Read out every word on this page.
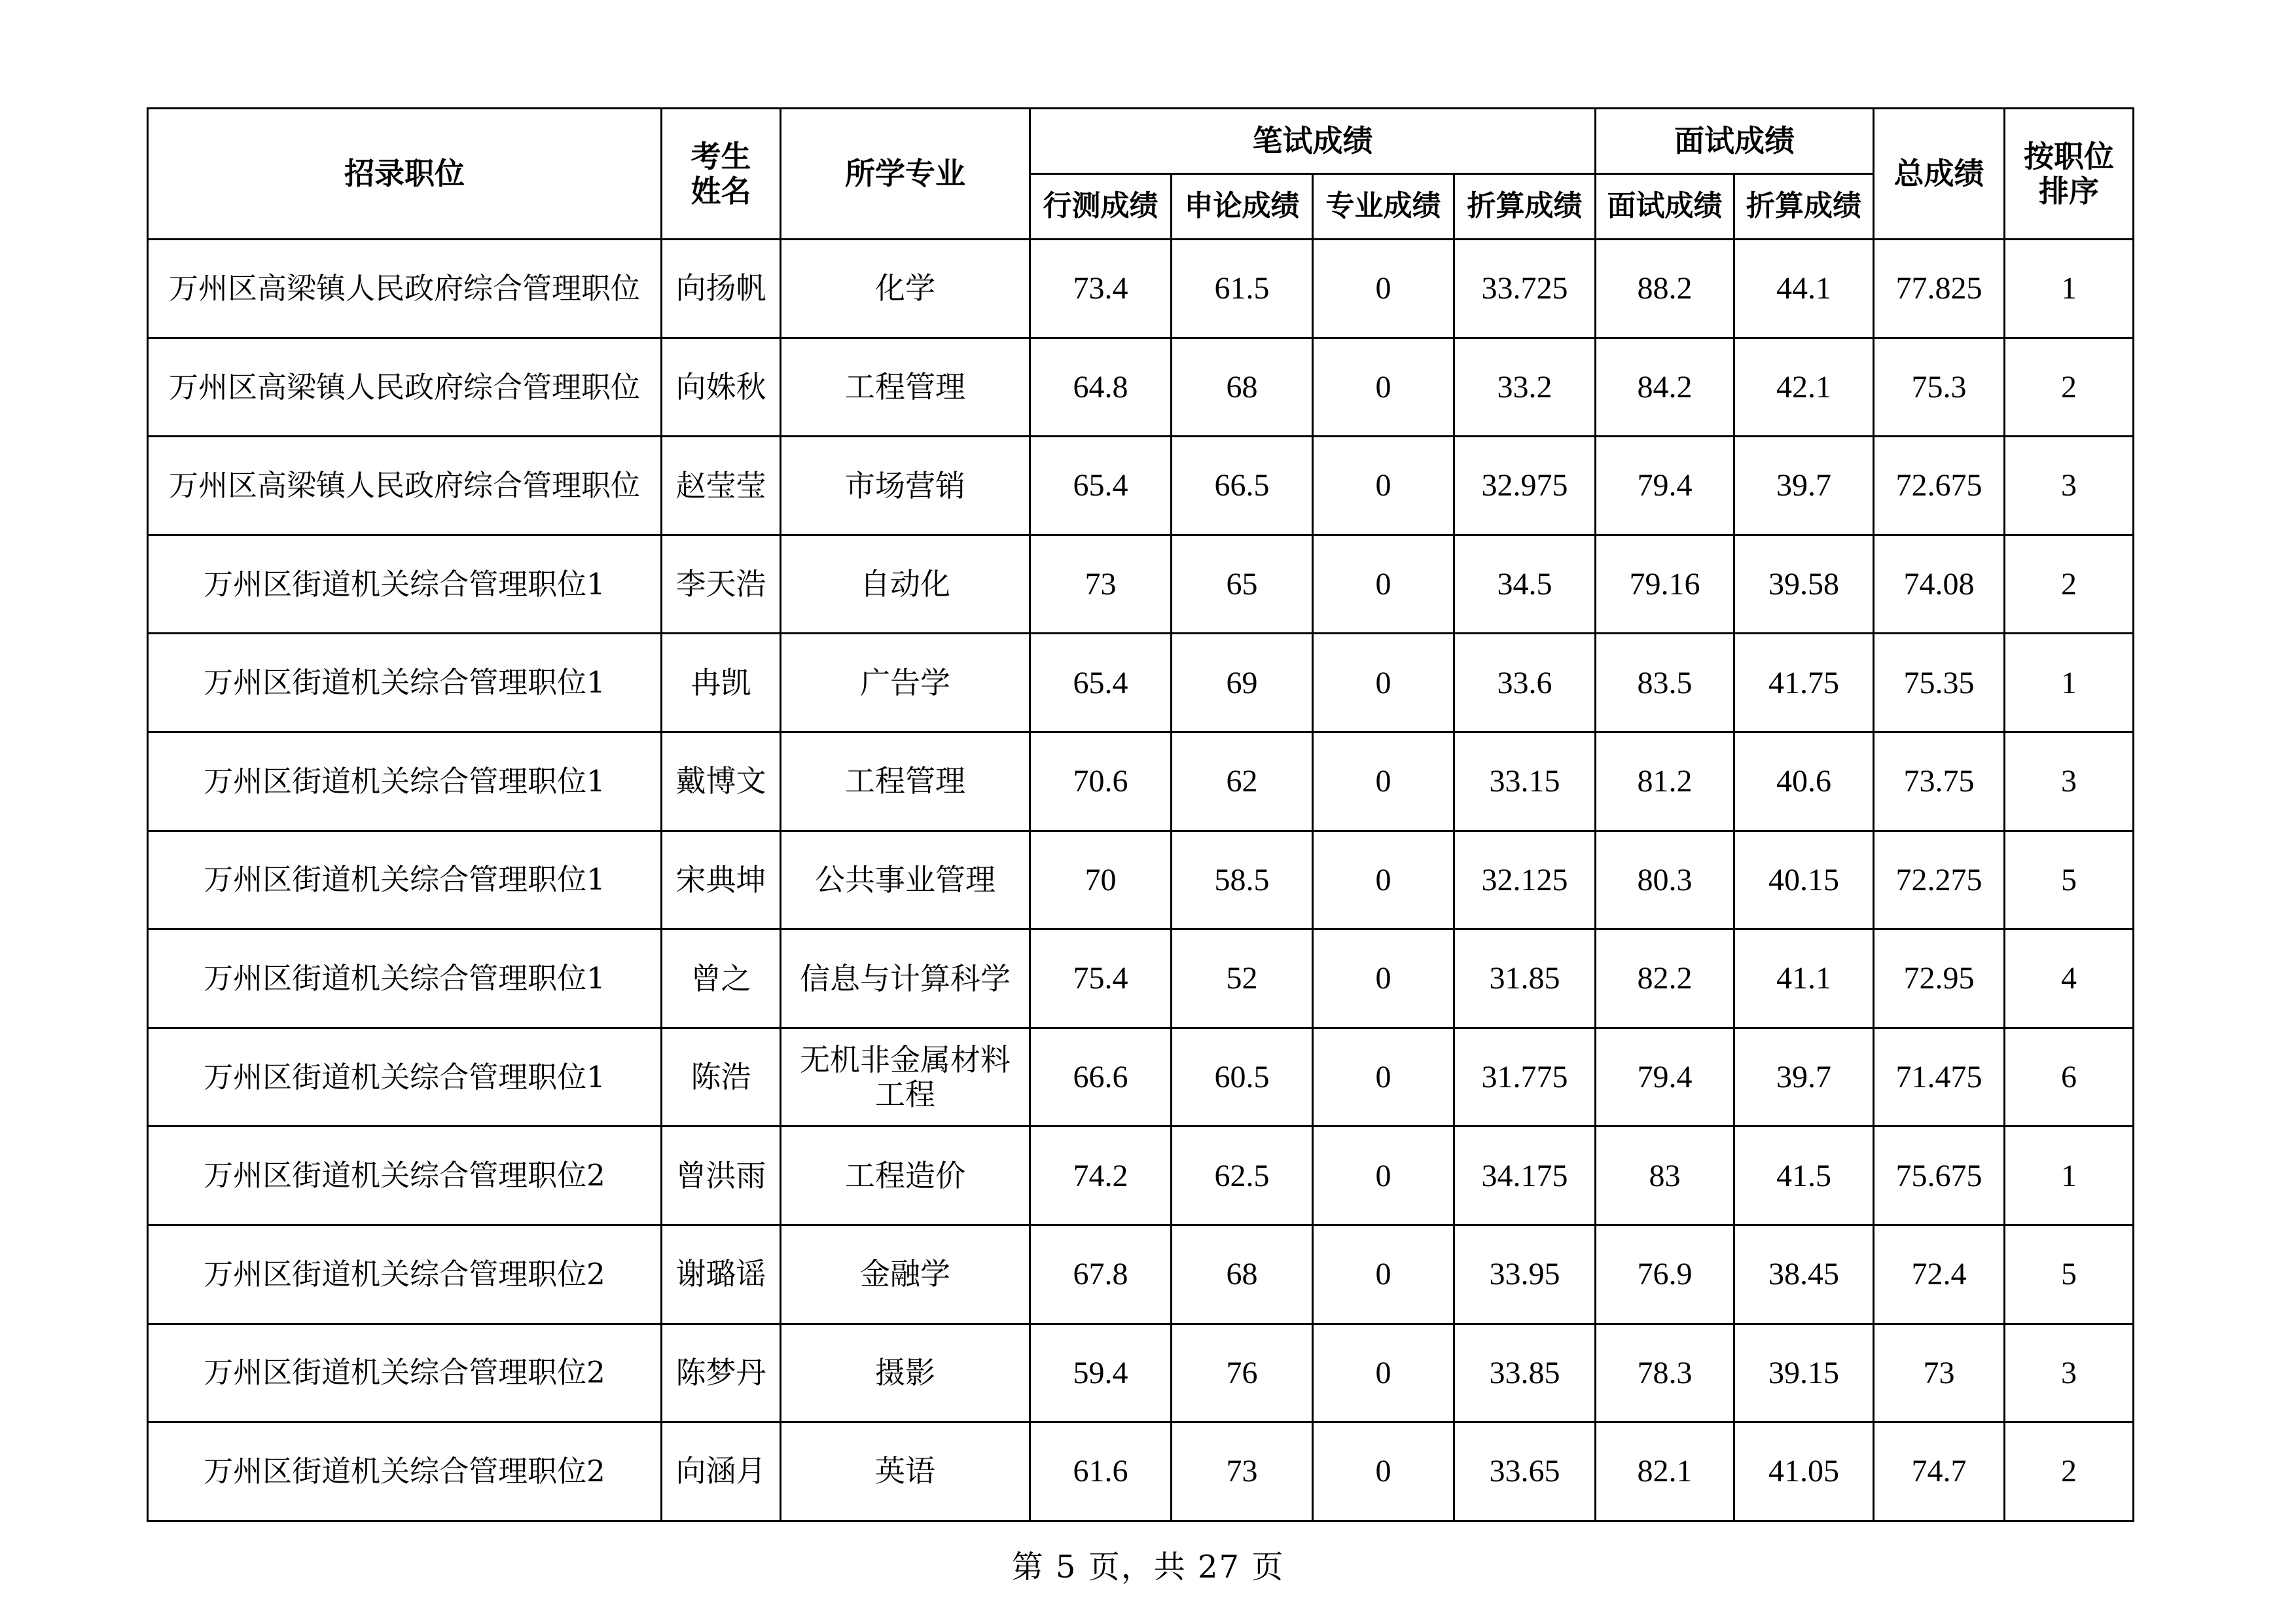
招录职位	考生姓名	所学专业	笔试成绩				面试成绩		总成绩	按职位排序
			行测成绩	申论成绩	专业成绩	折算成绩	面试成绩	折算成绩		
万州区高梁镇人民政府综合管理职位	向扬帆	化学	73.4	61.5	0	33.725	88.2	44.1	77.825	1
万州区高梁镇人民政府综合管理职位	向姝秋	工程管理	64.8	68	0	33.2	84.2	42.1	75.3	2
万州区高梁镇人民政府综合管理职位	赵莹莹	市场营销	65.4	66.5	0	32.975	79.4	39.7	72.675	3
万州区街道机关综合管理职位1	李天浩	自动化	73	65	0	34.5	79.16	39.58	74.08	2
万州区街道机关综合管理职位1	冉凯	广告学	65.4	69	0	33.6	83.5	41.75	75.35	1
万州区街道机关综合管理职位1	戴博文	工程管理	70.6	62	0	33.15	81.2	40.6	73.75	3
万州区街道机关综合管理职位1	宋典坤	公共事业管理	70	58.5	0	32.125	80.3	40.15	72.275	5
万州区街道机关综合管理职位1	曾之	信息与计算科学	75.4	52	0	31.85	82.2	41.1	72.95	4
万州区街道机关综合管理职位1	陈浩	无机非金属材料工程	66.6	60.5	0	31.775	79.4	39.7	71.475	6
万州区街道机关综合管理职位2	曾洪雨	工程造价	74.2	62.5	0	34.175	83	41.5	75.675	1
万州区街道机关综合管理职位2	谢璐谣	金融学	67.8	68	0	33.95	76.9	38.45	72.4	5
万州区街道机关综合管理职位2	陈梦丹	摄影	59.4	76	0	33.85	78.3	39.15	73	3
万州区街道机关综合管理职位2	向涵月	英语	61.6	73	0	33.65	82.1	41.05	74.7	2
第 5 页，共 27 页
